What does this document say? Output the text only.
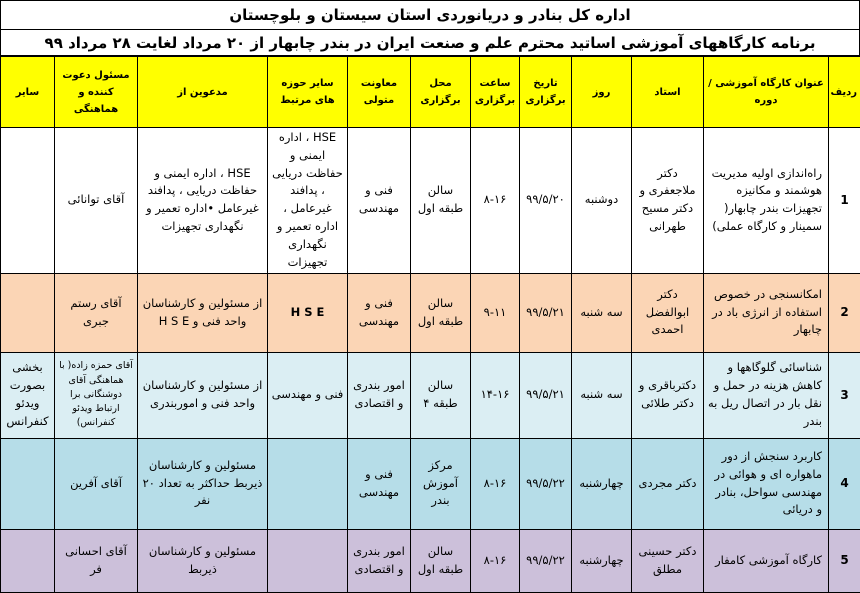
اداره کل بنادر و دریانوردی استان سیستان و بلوچستان
برنامه کارگاههای آموزشی اساتید محترم علم و صنعت ایران در بندر چابهار از ۲۰ مرداد لغایت ۲۸ مرداد ۹۹
ردیف	عنوان کارگاه آموزشی /دوره	استاد	روز	تاریخ برگزاری	ساعت برگزاری	محل برگزاری	معاونت متولی	سایر حوزه های مرتبط	مدعوین از	مسئول دعوت کننده و هماهنگی	سایر
1	راه‌اندازی اولیه مدیریت هوشمند و مکانیزه تجهیزات بندر چابهار( سمینار و کارگاه عملی)	دکتر ملاجعفری و دکتر مسیح طهرانی	دوشنبه	۹۹/۵/۲۰	۸-۱۶	سالن طبقه اول	فنی و مهندسی	HSE ، اداره ایمنی و حفاظت دریایی ، پدافند غیرعامل ، اداره تعمیر و نگهداری تجهیزات	HSE ، اداره ایمنی و حفاظت دریایی ، پدافند غیرعامل •اداره تعمیر و نگهداری تجهیزات	آقای توانائی	
2	امکانسنجی در خصوص استفاده از انرژی باد در چابهار	دکتر ابوالفضل احمدی	سه شنبه	۹۹/۵/۲۱	۹-۱۱	سالن طبقه اول	فنی و مهندسی	H S E	از مسئولین و کارشناسان واحد فنی و H S E	آقای رستم جبری	
3	شناسائی گلوگاهها و کاهش هزینه در حمل و نقل بار در اتصال ریل به بندر	دکترباقری و دکتر طلائی	سه شنبه	۹۹/۵/۲۱	۱۴-۱۶	سالن طبقه ۴	امور بندری و اقتصادی	فنی و مهندسی	از مسئولین و کارشناسان واحد فنی و اموربندری	آقای حمزه زاده( با هماهنگی آقای دوشنگانی برا ارتباط ویدئو کنفرانس)	بخشی بصورت ویدئو کنفرانس
4	کاربرد سنجش از دور ماهواره ای و هوائی در مهندسی سواحل، بنادر و دریائی	دکتر مجردی	چهارشنبه	۹۹/۵/۲۲	۸-۱۶	مرکز آموزش بندر	فنی و مهندسی		مسئولین و کارشناسان ذیربط حداکثر به تعداد ۲۰ نفر	آقای آفرین	
5	کارگاه آموزشی کامفار	دکتر حسینی مطلق	چهارشنبه	۹۹/۵/۲۲	۸-۱۶	سالن طبقه اول	امور بندری و اقتصادی		مسئولین و کارشناسان ذیربط	آقای احسانی فر	
